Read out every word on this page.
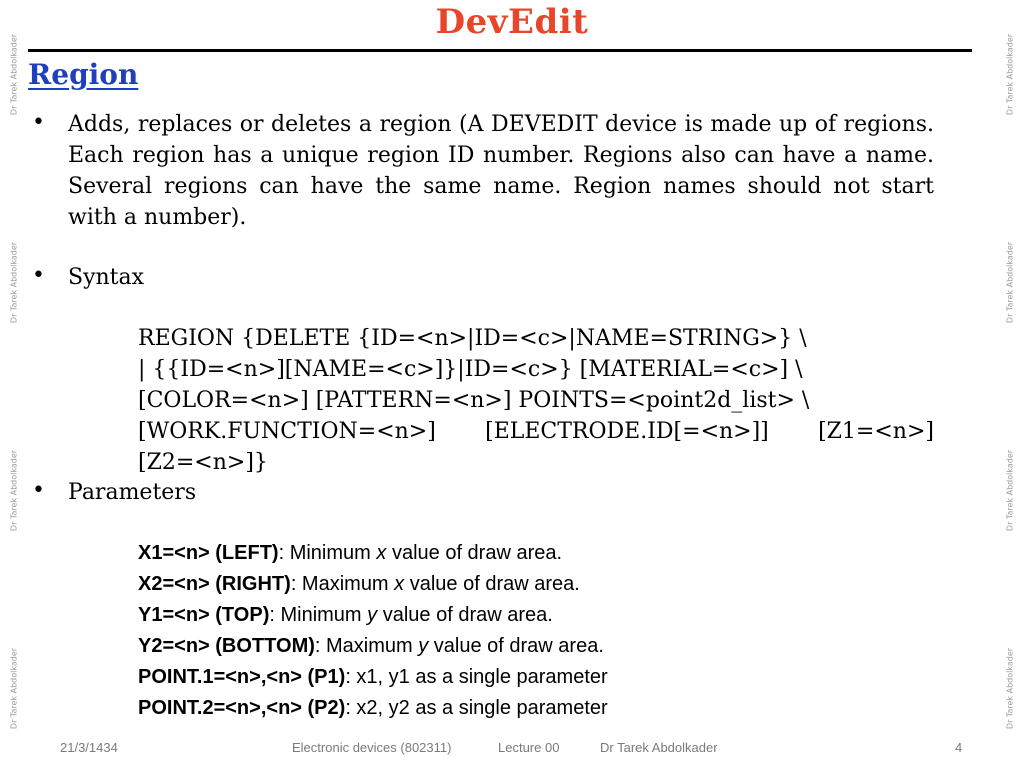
DevEdit
Region
• Adds, replaces or deletes a region (A DEVEDIT device is made up of regions. Each region has a unique region ID number. Regions also can have a name. Several regions can have the same name. Region names should not start with a number).

• Syntax
REGION {DELETE {ID=<n>|ID=<c>|NAME=STRING>} \
| {{ID=<n>][NAME=<c>]}|ID=<c>} [MATERIAL=<c>] \
[COLOR=<n>] [PATTERN=<n>] POINTS=<point2d_list> \
[WORK.FUNCTION=<n>] [ELECTRODE.ID[=<n>]] [Z1=<n>]
[Z2=<n>]}
• Parameters
X1=<n> (LEFT): Minimum x value of draw area.
X2=<n> (RIGHT): Maximum x value of draw area.
Y1=<n> (TOP): Minimum y value of draw area.
Y2=<n> (BOTTOM): Maximum y value of draw area.
POINT.1=<n>,<n> (P1): x1, y1 as a single parameter
POINT.2=<n>,<n> (P2): x2, y2 as a single parameter
21/3/1434	Electronic devices (802311)	Lecture 00	Dr Tarek Abdolkader	4
Dr Tarek Abdolkader
Dr Tarek Abdolkader
Dr Tarek Abdolkader
Dr Tarek Abdolkader
Dr Tarek Abdolkader
Dr Tarek Abdolkader
Dr Tarek Abdolkader
Dr Tarek Abdolkader
